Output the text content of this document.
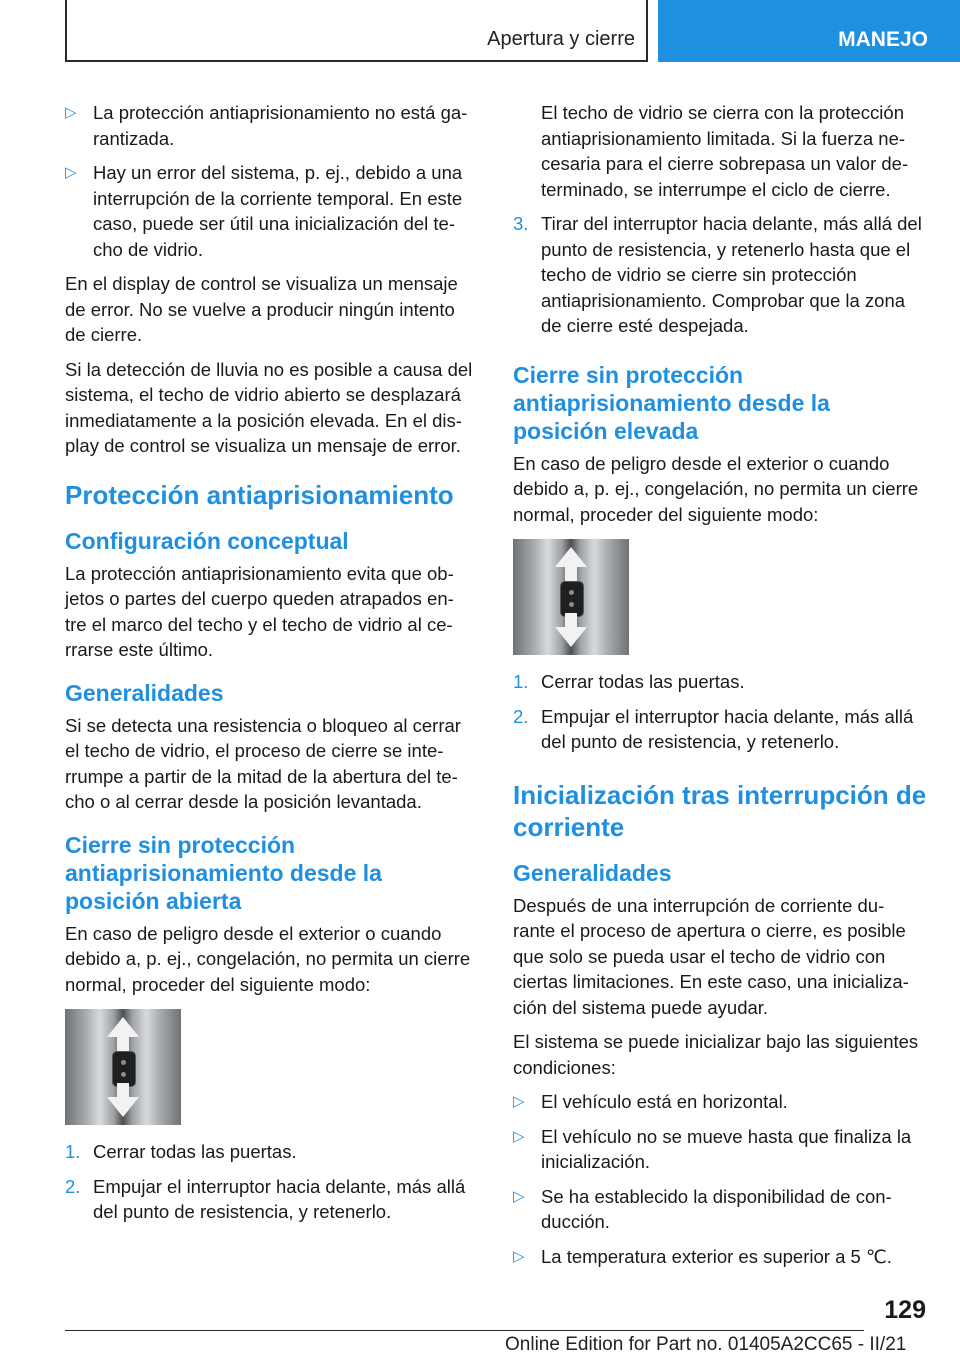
Apertura y cierre	MANEJO
▷ La protección antiaprisionamiento no está ga- rantizada.
▷ Hay un error del sistema, p. ej., debido a una interrupción de la corriente temporal. En este caso, puede ser útil una inicialización del te- cho de vidrio.

En el display de control se visualiza un mensaje de error. No se vuelve a producir ningún intento de cierre.

Si la detección de lluvia no es posible a causa del sistema, el techo de vidrio abierto se desplazará inmediatamente a la posición elevada. En el dis- play de control se visualiza un mensaje de error.

Protección antiaprisionamiento
Configuración conceptual

La protección antiaprisionamiento evita que ob- jetos o partes del cuerpo queden atrapados en- tre el marco del techo y el techo de vidrio al ce- rrarse este último.

Generalidades

Si se detecta una resistencia o bloqueo al cerrar el techo de vidrio, el proceso de cierre se inte- rrumpe a partir de la mitad de la abertura del te- cho o al cerrar desde la posición levantada.

Cierre sin protección antiaprisionamiento desde la posición abierta

En caso de peligro desde el exterior o cuando debido a, p. ej., congelación, no permita un cierre normal, proceder del siguiente modo:

1. Cerrar todas las puertas.
2. Empujar el interruptor hacia delante, más allá del punto de resistencia, y retenerlo.

El techo de vidrio se cierra con la protección antiaprisionamiento limitada. Si la fuerza ne- cesaria para el cierre sobrepasa un valor de- terminado, se interrumpe el ciclo de cierre.

3. Tirar del interruptor hacia delante, más allá del punto de resistencia, y retenerlo hasta que el techo de vidrio se cierre sin protección antiaprisionamiento. Comprobar que la zona de cierre esté despejada.
Cierre sin protección antiaprisionamiento desde la posición elevada

En caso de peligro desde el exterior o cuando debido a, p. ej., congelación, no permita un cierre normal, proceder del siguiente modo:

1. Cerrar todas las puertas.
2. Empujar el interruptor hacia delante, más allá del punto de resistencia, y retenerlo.
Inicialización tras interrupción de corriente
Generalidades

Después de una interrupción de corriente du- rante el proceso de apertura o cierre, es posible que solo se pueda usar el techo de vidrio con ciertas limitaciones. En este caso, una inicializa- ción del sistema puede ayudar.

El sistema se puede inicializar bajo las siguientes condiciones:

▷ El vehículo está en horizontal.
▷ El vehículo no se mueve hasta que finaliza la inicialización.
▷ Se ha establecido la disponibilidad de con- ducción.
▷ La temperatura exterior es superior a 5 ℃.
129
Online Edition for Part no. 01405A2CC65 - II/21
